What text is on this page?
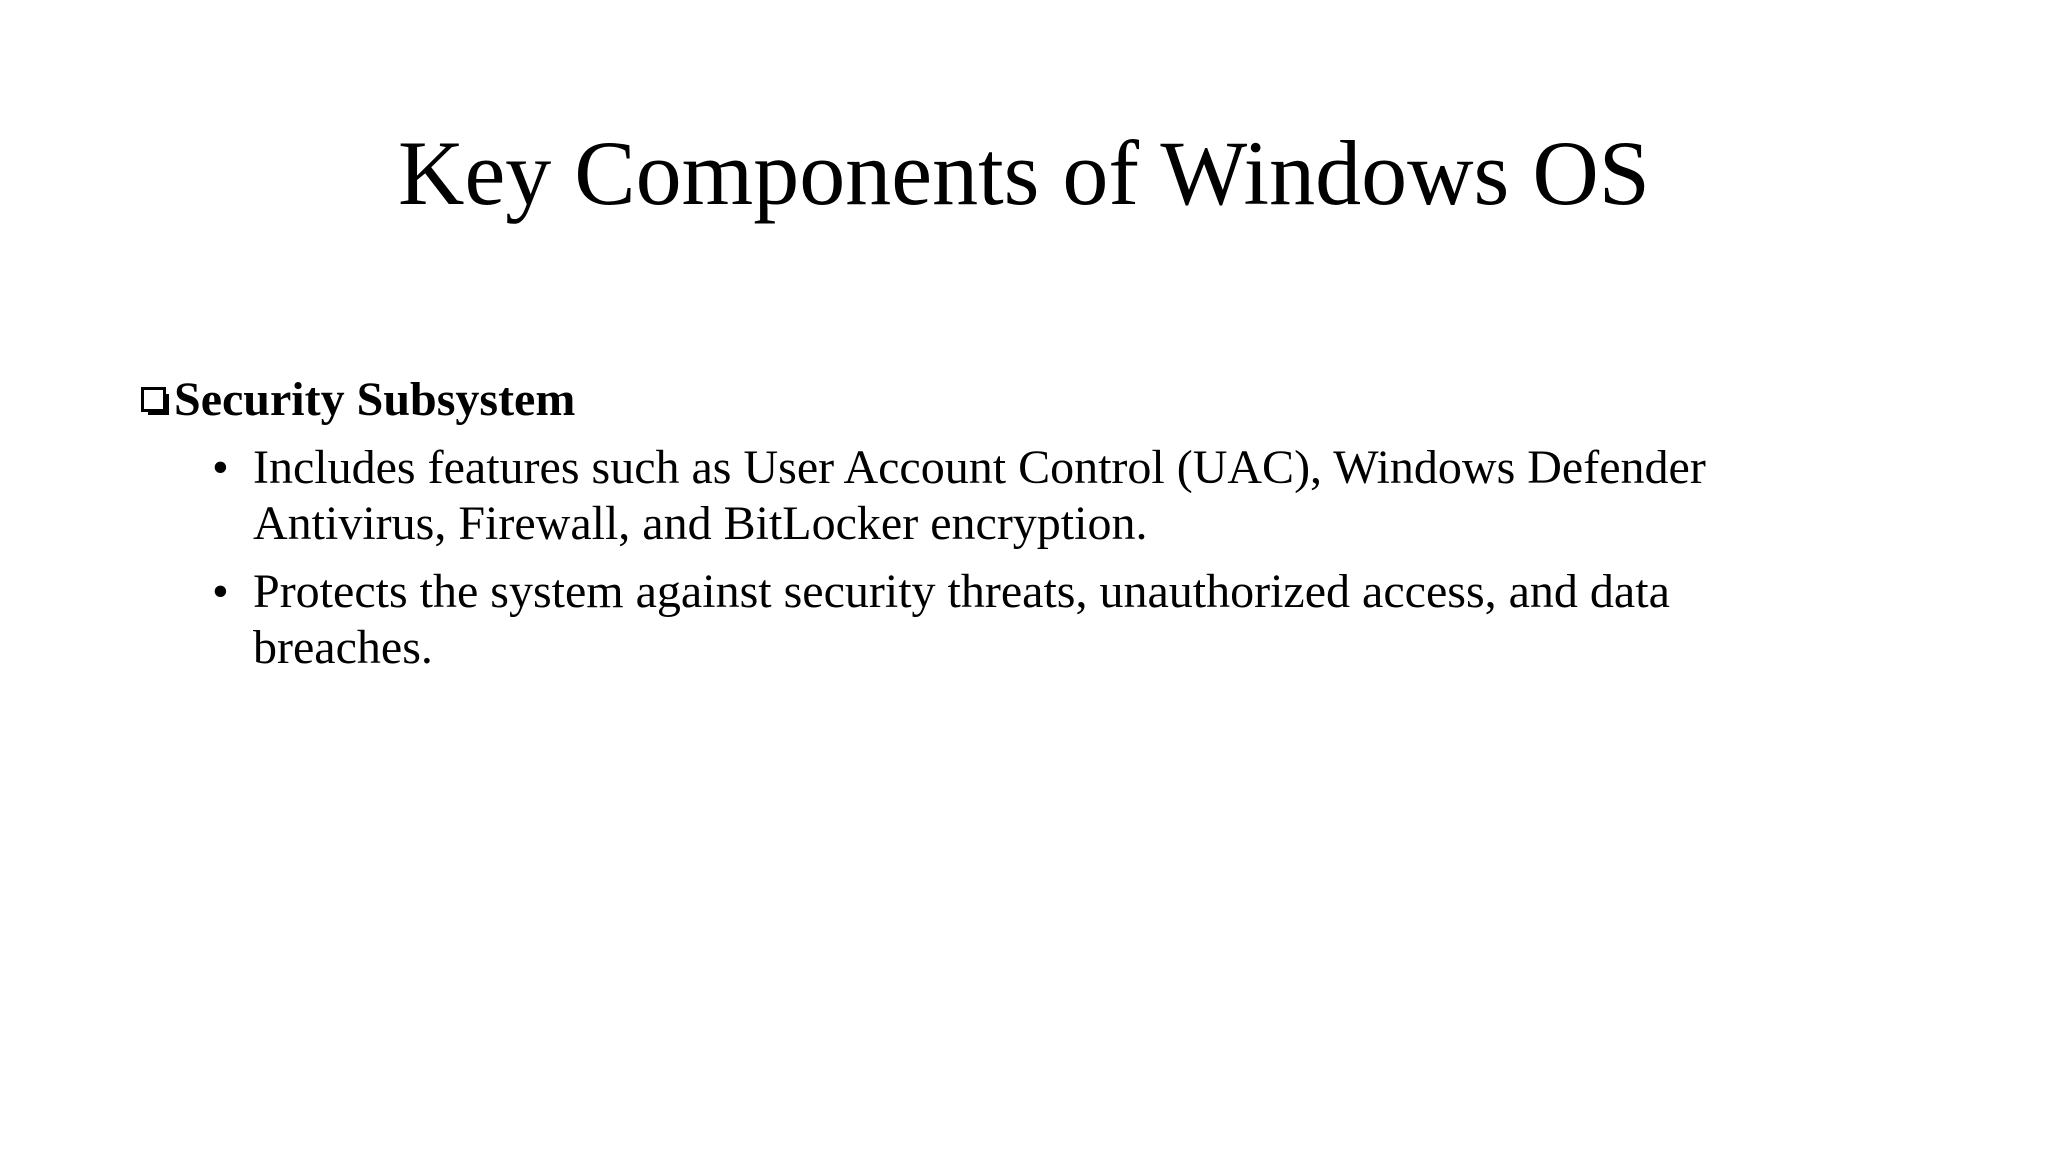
Key Components of Windows OS
Security Subsystem
• Includes features such as User Account Control (UAC), Windows Defender Antivirus, Firewall, and BitLocker encryption.
• Protects the system against security threats, unauthorized access, and data breaches.
